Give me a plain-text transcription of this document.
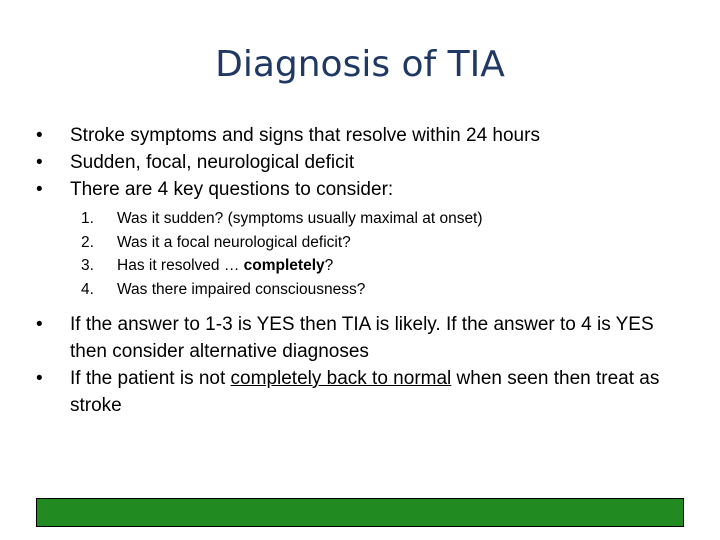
Diagnosis of TIA
•	Stroke symptoms and signs that resolve within 24 hours
•	Sudden, focal, neurological deficit
•	There are 4 key questions to consider:
1.	Was it sudden? (symptoms usually maximal at onset)
2.	Was it a focal neurological deficit?
3.	Has it resolved … completely?
4.	Was there impaired consciousness?
•	If the answer to 1-3 is YES then TIA is likely. If the answer to 4 is YES then consider alternative diagnoses
•	If the patient is not completely back to normal when seen then treat as stroke
